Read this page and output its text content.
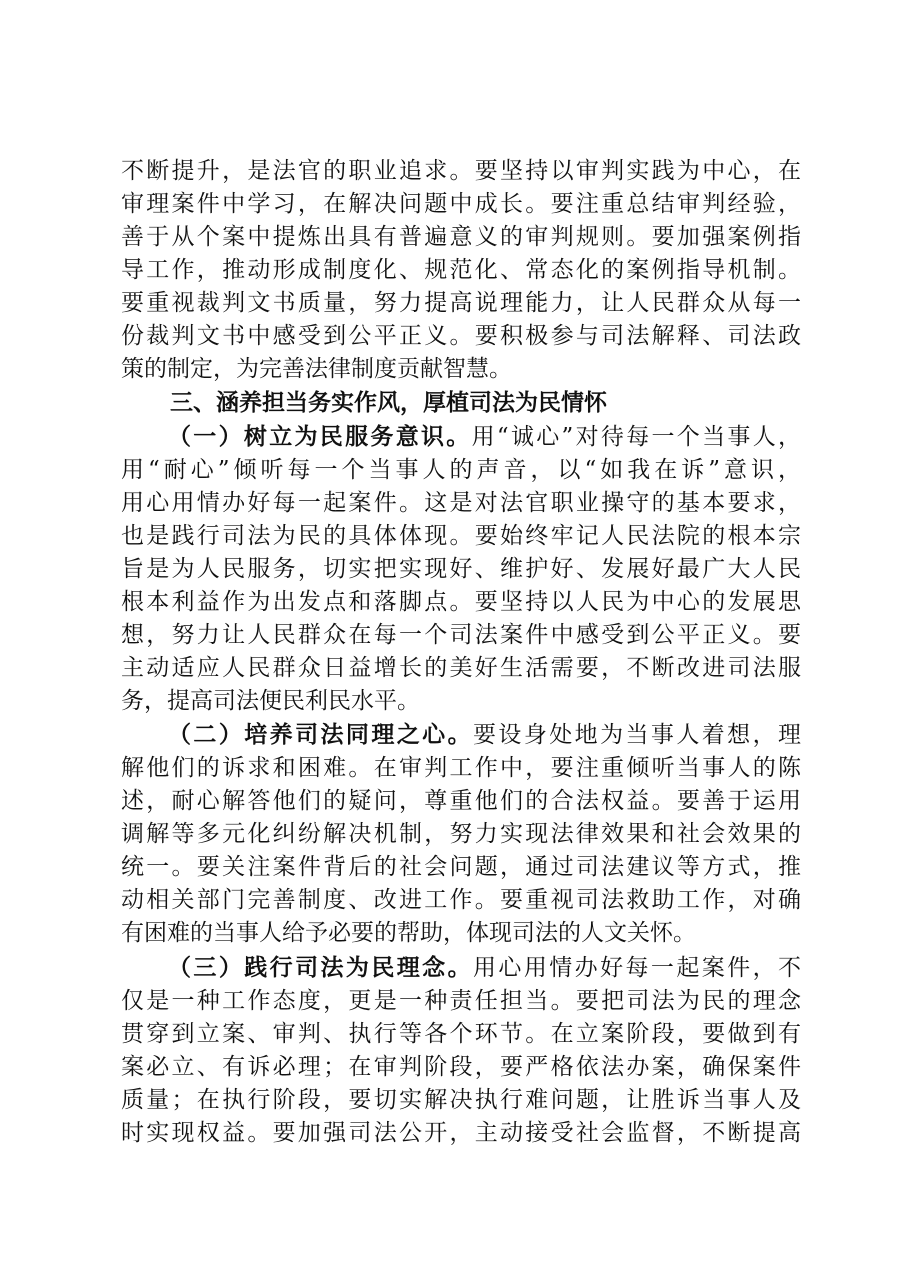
不断提升，是法官的职业追求。要坚持以审判实践为中心，在
审理案件中学习，在解决问题中成长。要注重总结审判经验，
善于从个案中提炼出具有普遍意义的审判规则。要加强案例指
导工作，推动形成制度化、规范化、常态化的案例指导机制。
要重视裁判文书质量，努力提高说理能力，让人民群众从每一
份裁判文书中感受到公平正义。要积极参与司法解释、司法政
策的制定，为完善法律制度贡献智慧。
三、涵养担当务实作风，厚植司法为民情怀
（一）树立为民服务意识。用“诚心”对待每一个当事人，
用“耐心”倾听每一个当事人的声音，以“如我在诉”意识，
用心用情办好每一起案件。这是对法官职业操守的基本要求，
也是践行司法为民的具体体现。要始终牢记人民法院的根本宗
旨是为人民服务，切实把实现好、维护好、发展好最广大人民
根本利益作为出发点和落脚点。要坚持以人民为中心的发展思
想，努力让人民群众在每一个司法案件中感受到公平正义。要
主动适应人民群众日益增长的美好生活需要，不断改进司法服
务，提高司法便民利民水平。
（二）培养司法同理之心。要设身处地为当事人着想，理
解他们的诉求和困难。在审判工作中，要注重倾听当事人的陈
述，耐心解答他们的疑问，尊重他们的合法权益。要善于运用
调解等多元化纠纷解决机制，努力实现法律效果和社会效果的
统一。要关注案件背后的社会问题，通过司法建议等方式，推
动相关部门完善制度、改进工作。要重视司法救助工作，对确
有困难的当事人给予必要的帮助，体现司法的人文关怀。
（三）践行司法为民理念。用心用情办好每一起案件，不
仅是一种工作态度，更是一种责任担当。要把司法为民的理念
贯穿到立案、审判、执行等各个环节。在立案阶段，要做到有
案必立、有诉必理；在审判阶段，要严格依法办案，确保案件
质量；在执行阶段，要切实解决执行难问题，让胜诉当事人及
时实现权益。要加强司法公开，主动接受社会监督，不断提高
